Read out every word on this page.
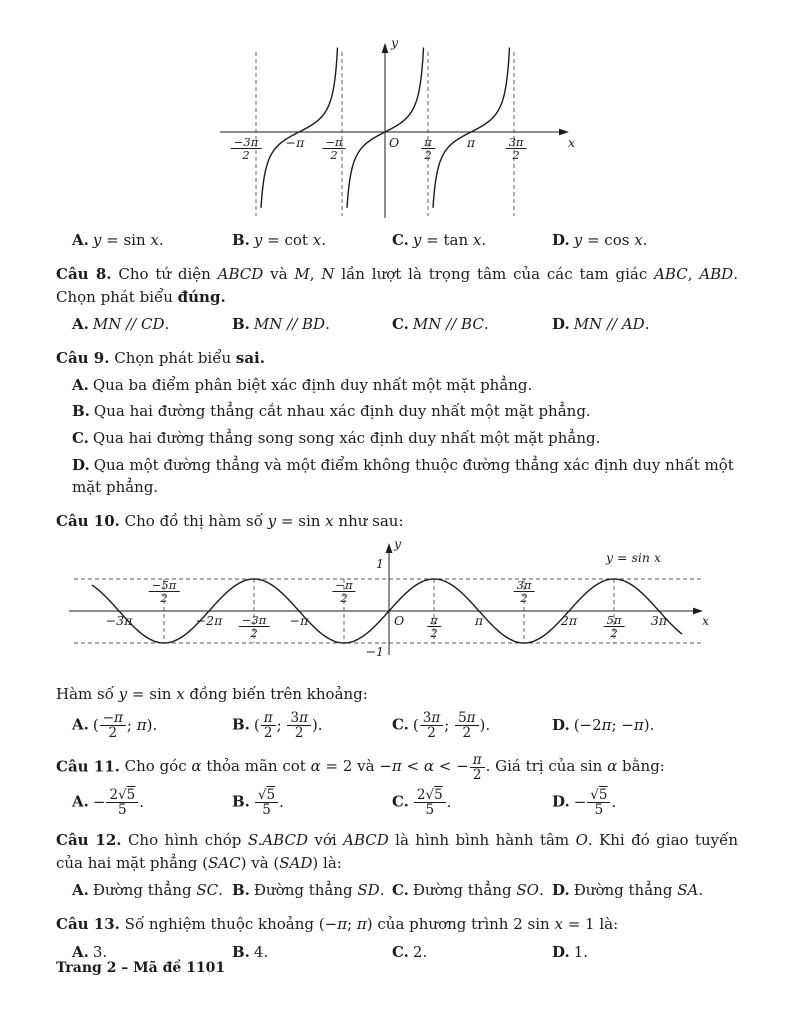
y
x
O
$\frac{-3\pi}{2} -\pi \frac{-\pi}{2}$	$\frac{\pi}{2}$	π	$\frac{3\pi}{2}$
A. y = sin x.	B. y = cot x.	C. y = tan x.	D. y = cos x.

Câu 8. Cho tứ diện ABCD và M, N lần lượt là trọng tâm của các tam giác ABC, ABD. Chọn phát biểu đúng.

A. MN // CD.	B. MN // BD.	C. MN // BC.	D. MN // AD.

Câu 9. Chọn phát biểu sai.

A. Qua ba điểm phân biệt xác định duy nhất một mặt phẳng.
B. Qua hai đường thẳng cắt nhau xác định duy nhất một mặt phẳng.
C. Qua hai đường thẳng song song xác định duy nhất một mặt phẳng.
D. Qua một đường thẳng và một điểm không thuộc đường thẳng xác định duy nhất một mặt phẳng.

Câu 10. Cho đồ thị hàm số y = sin x như sau:

y
x
O
1
−1
y = sin x
−3π	$-2\pi \frac{-3\pi}{2} -\pi$	$\frac{\pi}{2}$	π	$2\pi \frac{5\pi}{2} 3\pi$
$\frac{-5\pi}{2}$	$\frac{-\pi}{2}$	$\frac{3\pi}{2}$

Hàm số y = sin x đồng biến trên khoảng:

A. ( $\frac{-\pi}{2}$ ; π).	B. ( $\frac{\pi}{2}$ ; $\frac{3\pi}{2}$ ).	C. ( $\frac{3\pi}{2}$ ; $\frac{5\pi}{2}$ ).	D. (−2π; −π).

Câu 11. Cho góc α thỏa mãn cot α = 2 và −π < α < − $\frac{\pi}{2}$ . Giá trị của sin α bằng:

A. − $\frac{2√5}{5}$ .	B. $\frac{√5}{5}$ .	C. $\frac{2√5}{5}$ .	D. − $\frac{√5}{5}$ .

Câu 12. Cho hình chóp S.ABCD với ABCD là hình bình hành tâm O. Khi đó giao tuyến của hai mặt phẳng (SAC) và (SAD) là:

A. Đường thẳng SC. B. Đường thẳng SD. C. Đường thẳng SO. D. Đường thẳng SA.

Câu 13. Số nghiệm thuộc khoảng (−π; π) của phương trình 2 sin x = 1 là:

A. 3.	B. 4.	C. 2.	D. 1.
Trang 2 – Mã đề 1101
